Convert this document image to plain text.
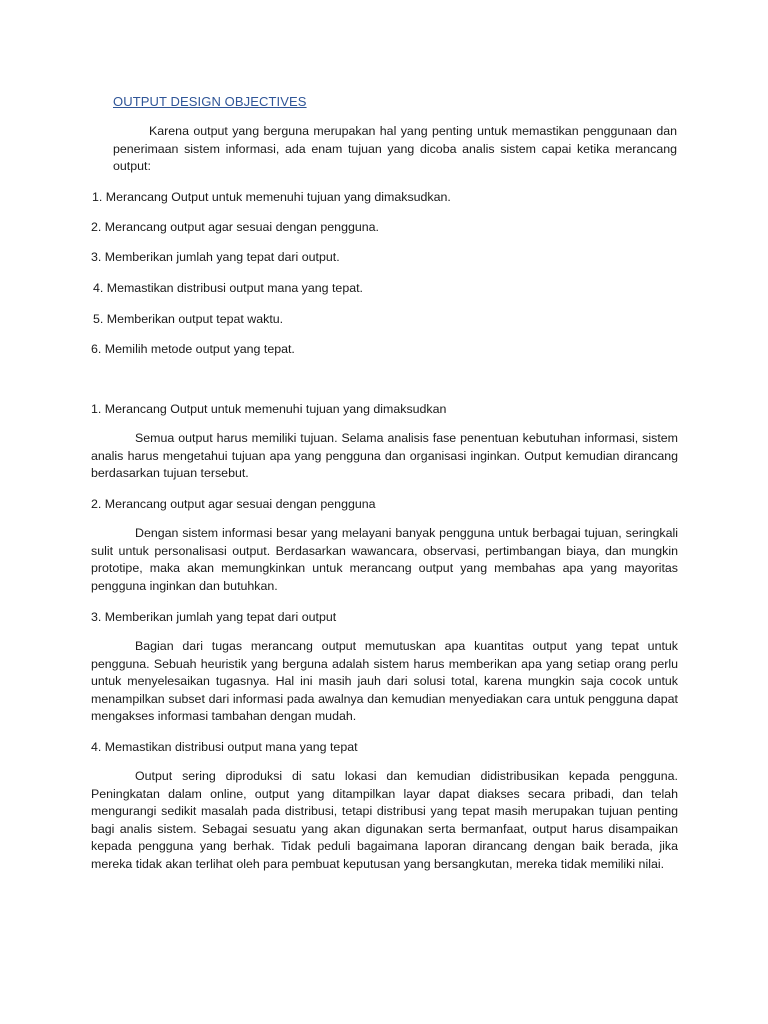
OUTPUT DESIGN OBJECTIVES

Karena output yang berguna merupakan hal yang penting untuk memastikan penggunaan dan penerimaan sistem informasi, ada enam tujuan yang dicoba analis sistem capai ketika merancang output:

1. Merancang Output untuk memenuhi tujuan yang dimaksudkan.
2. Merancang output agar sesuai dengan pengguna.
3. Memberikan jumlah yang tepat dari output.
4. Memastikan distribusi output mana yang tepat.
5. Memberikan output tepat waktu.
6. Memilih metode output yang tepat.
1. Merancang Output untuk memenuhi tujuan yang dimaksudkan

Semua output harus memiliki tujuan. Selama analisis fase penentuan kebutuhan informasi, sistem analis harus mengetahui tujuan apa yang pengguna dan organisasi inginkan. Output kemudian dirancang berdasarkan tujuan tersebut.

2. Merancang output agar sesuai dengan pengguna

Dengan sistem informasi besar yang melayani banyak pengguna untuk berbagai tujuan, seringkali sulit untuk personalisasi output. Berdasarkan wawancara, observasi, pertimbangan biaya, dan mungkin prototipe, maka akan memungkinkan untuk merancang output yang membahas apa yang mayoritas pengguna inginkan dan butuhkan.

3. Memberikan jumlah yang tepat dari output

Bagian dari tugas merancang output memutuskan apa kuantitas output yang tepat untuk pengguna. Sebuah heuristik yang berguna adalah sistem harus memberikan apa yang setiap orang perlu untuk menyelesaikan tugasnya. Hal ini masih jauh dari solusi total, karena mungkin saja cocok untuk menampilkan subset dari informasi pada awalnya dan kemudian menyediakan cara untuk pengguna dapat mengakses informasi tambahan dengan mudah.

4. Memastikan distribusi output mana yang tepat

Output sering diproduksi di satu lokasi dan kemudian didistribusikan kepada pengguna. Peningkatan dalam online, output yang ditampilkan layar dapat diakses secara pribadi, dan telah mengurangi sedikit masalah pada distribusi, tetapi distribusi yang tepat masih merupakan tujuan penting bagi analis sistem. Sebagai sesuatu yang akan digunakan serta bermanfaat, output harus disampaikan kepada pengguna yang berhak. Tidak peduli bagaimana laporan dirancang dengan baik berada, jika mereka tidak akan terlihat oleh para pembuat keputusan yang bersangkutan, mereka tidak memiliki nilai.
